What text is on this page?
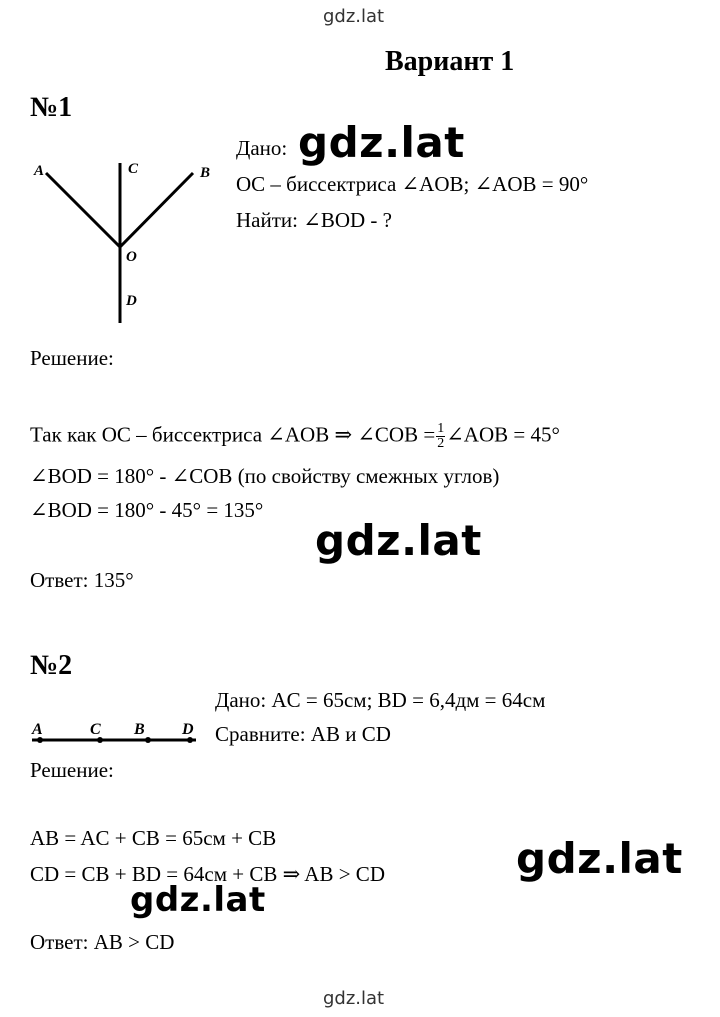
gdz.lat
gdz.lat
Вариант 1
№1
A	C	B
O
D
Дано: gdz.lat
OC – биссектриса ∠AOB; ∠AOB = 90°
Найти: ∠BOD - ?
Решение:
Так как OC – биссектриса ∠AOB ⇒ ∠COB = $\frac{1}{2}$ ∠AOB = 45°
∠BOD = 180° - ∠COB (по свойству смежных углов)
∠BOD = 180° - 45° = 135°
gdz.lat
Ответ: 135°
№2
A	C B D
Дано: AC = 65см; BD = 6,4дм = 64см
Сравните: AB и CD
Решение:
AB = AC + CB = 65см + CB
CD = CB + BD = 64см + CB ⇒ AB > CD	gdz.lat
gdz.lat
Ответ: AB > CD
